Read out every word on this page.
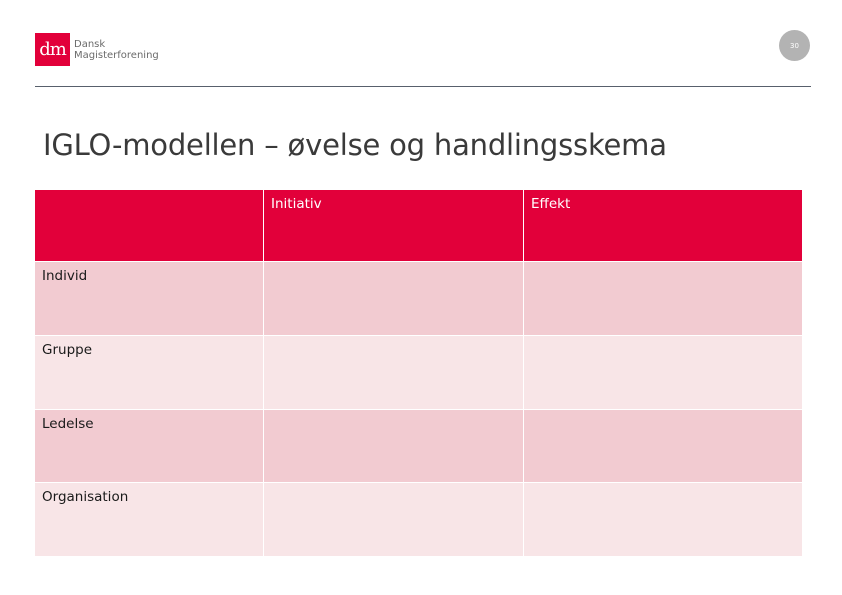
dm Dansk
Magisterforening
30
IGLO-modellen – øvelse og handlingsskema
Initiativ	Effekt
Individ
Gruppe
Ledelse
Organisation
